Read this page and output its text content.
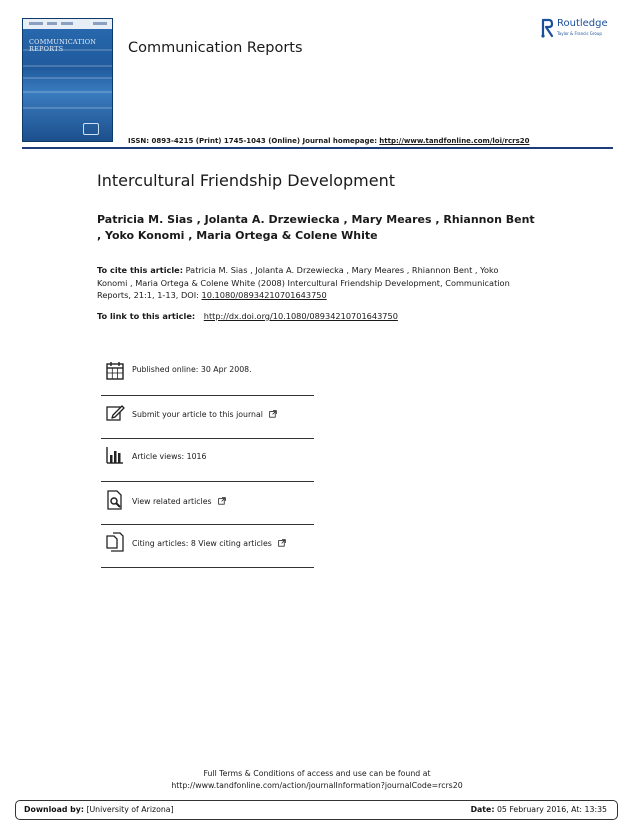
COMMUNICATION REPORTS	Communication Reports
Routledge
Taylor & Francis Group
ISSN: 0893-4215 (Print) 1745-1043 (Online) Journal homepage: http://www.tandfonline.com/loi/rcrs20
Intercultural Friendship Development
Patricia M. Sias , Jolanta A. Drzewiecka , Mary Meares , Rhiannon Bent , Yoko Konomi , Maria Ortega & Colene White
To cite this article: Patricia M. Sias , Jolanta A. Drzewiecka , Mary Meares , Rhiannon Bent , Yoko Konomi , Maria Ortega & Colene White (2008) Intercultural Friendship Development, Communication Reports, 21:1, 1-13, DOI: 10.1080/08934210701643750
To link to this article: http://dx.doi.org/10.1080/08934210701643750
Published online: 30 Apr 2008.
Submit your article to this journal
Article views: 1016
View related articles
Citing articles: 8 View citing articles
Full Terms & Conditions of access and use can be found at
http://www.tandfonline.com/action/journalInformation?journalCode=rcrs20
Download by: [University of Arizona]	Date: 05 February 2016, At: 13:35
